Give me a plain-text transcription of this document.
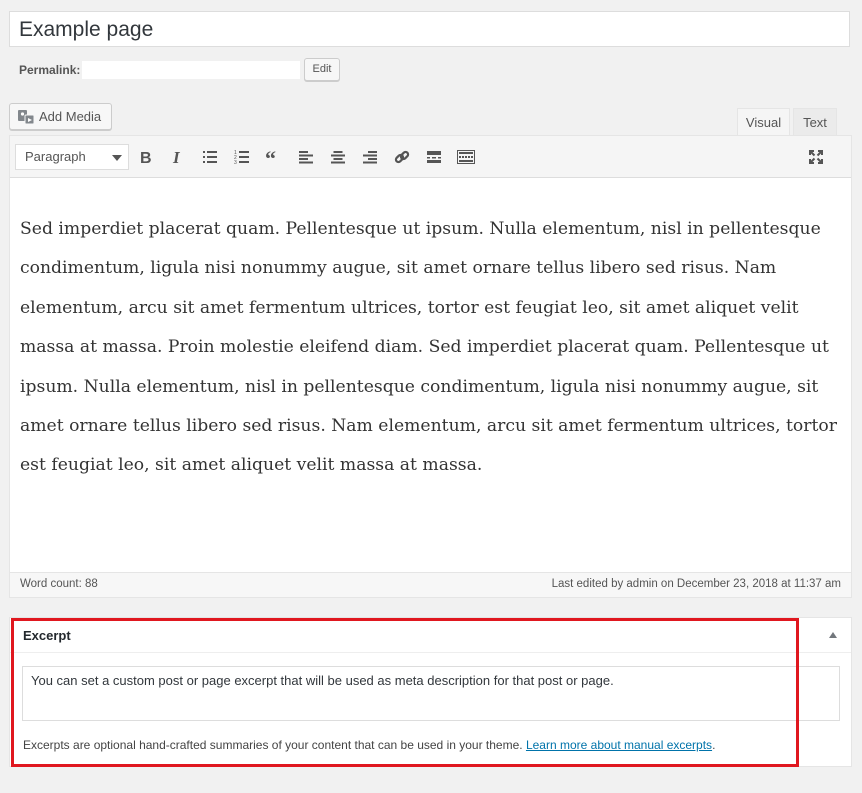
Example page
Permalink:	Edit
Add Media	Visual	Text
Paragraph	B I	1
2
3 “
Sed imperdiet placerat quam. Pellentesque ut ipsum. Nulla elementum, nisl in pellentesque condimentum, ligula nisi nonummy augue, sit amet ornare tellus libero sed risus. Nam elementum, arcu sit amet fermentum ultrices, tortor est feugiat leo, sit amet aliquet velit massa at massa. Proin molestie eleifend diam. Sed imperdiet placerat quam. Pellentesque ut ipsum. Nulla elementum, nisl in pellentesque condimentum, ligula nisi nonummy augue, sit amet ornare tellus libero sed risus. Nam elementum, arcu sit amet fermentum ultrices, tortor est feugiat leo, sit amet aliquet velit massa at massa.
Word count: 88	Last edited by admin on December 23, 2018 at 11:37 am
Excerpt
You can set a custom post or page excerpt that will be used as meta description for that post or page.
Excerpts are optional hand-crafted summaries of your content that can be used in your theme. Learn more about manual excerpts.
